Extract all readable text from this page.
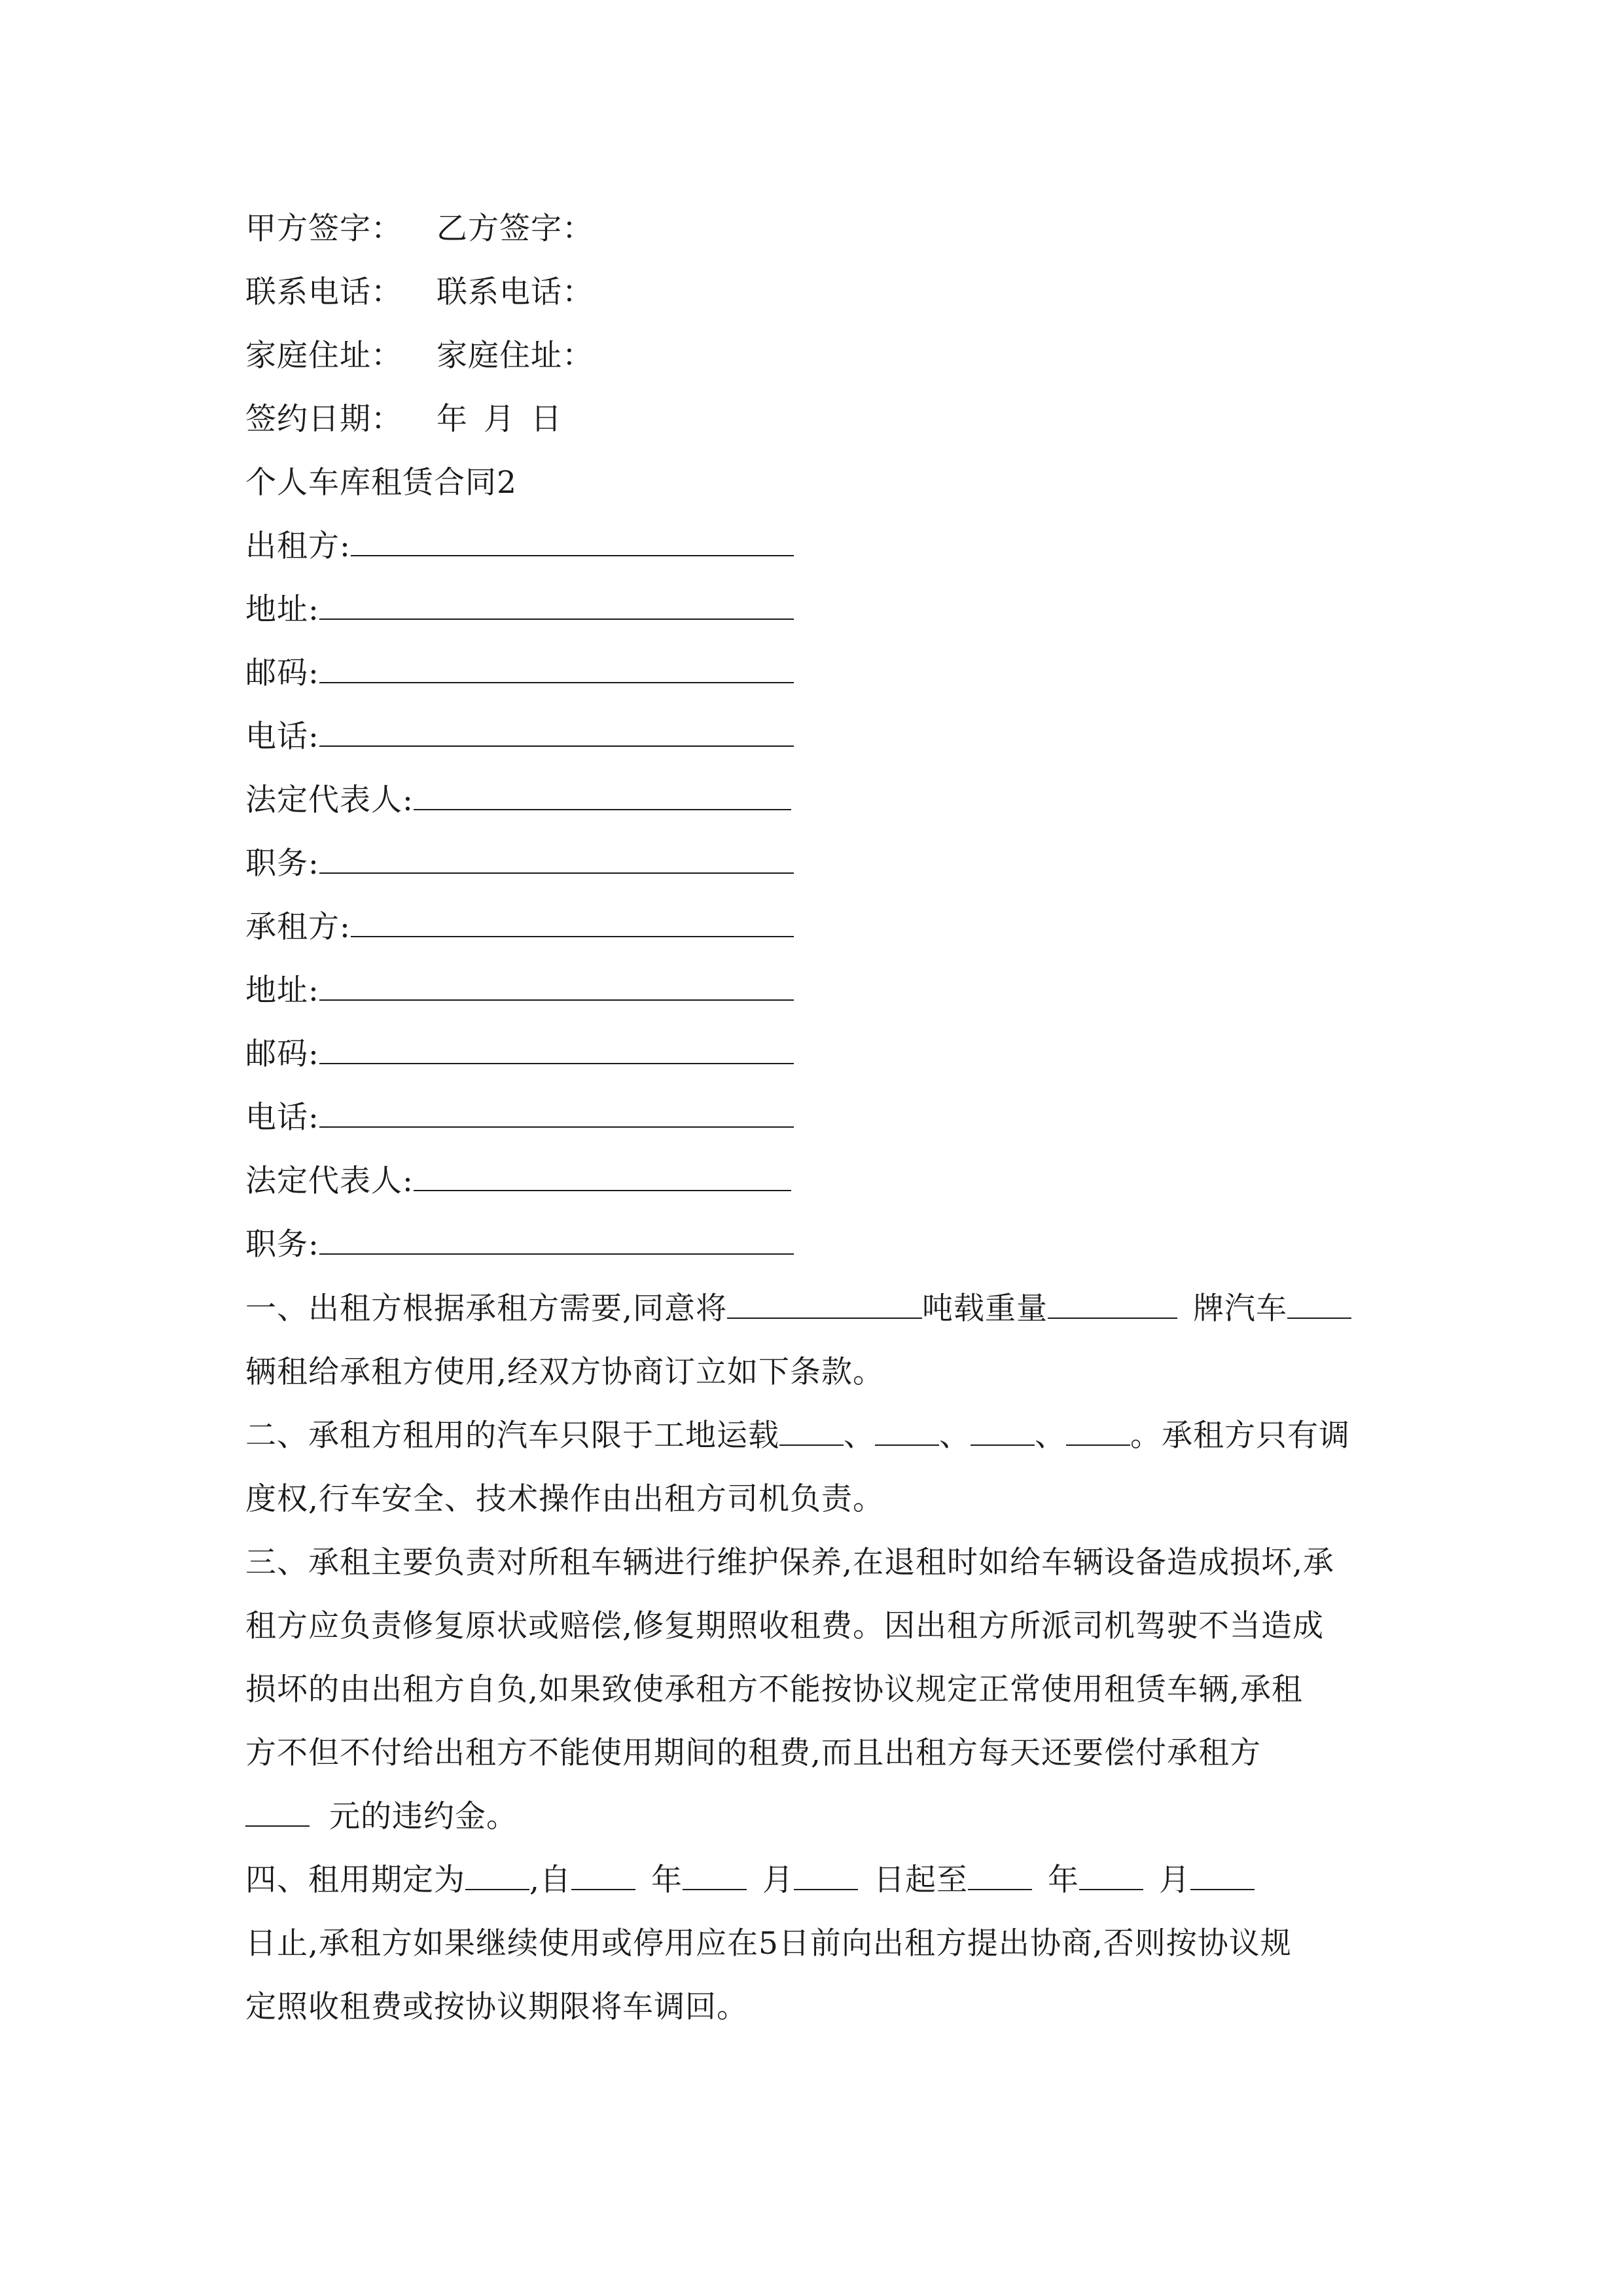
甲方签字： 乙方签字：
联系电话： 联系电话：
家庭住址： 家庭住址：
签约日期： 年 月 日
个人车库租赁合同2
出租方:
地址:
邮码:
电话:
法定代表人:
职务:
承租方:
地址:
邮码:
电话:
法定代表人:
职务:
一、出租方根据承租方需要,同意将	吨载重量	牌汽车
辆租给承租方使用,经双方协商订立如下条款。
二、承租方租用的汽车只限于工地运载 、 、 、 。承租方只有调
度权,行车安全、技术操作由出租方司机负责。
三、承租主要负责对所租车辆进行维护保养,在退租时如给车辆设备造成损坏,承
租方应负责修复原状或赔偿,修复期照收租费。因出租方所派司机驾驶不当造成
损坏的由出租方自负,如果致使承租方不能按协议规定正常使用租赁车辆,承租
方不但不付给出租方不能使用期间的租费,而且出租方每天还要偿付承租方
元的违约金。
四、租用期定为 ,自	年	月	日起至	年	月
日止,承租方如果继续使用或停用应在5日前向出租方提出协商,否则按协议规
定照收租费或按协议期限将车调回。
